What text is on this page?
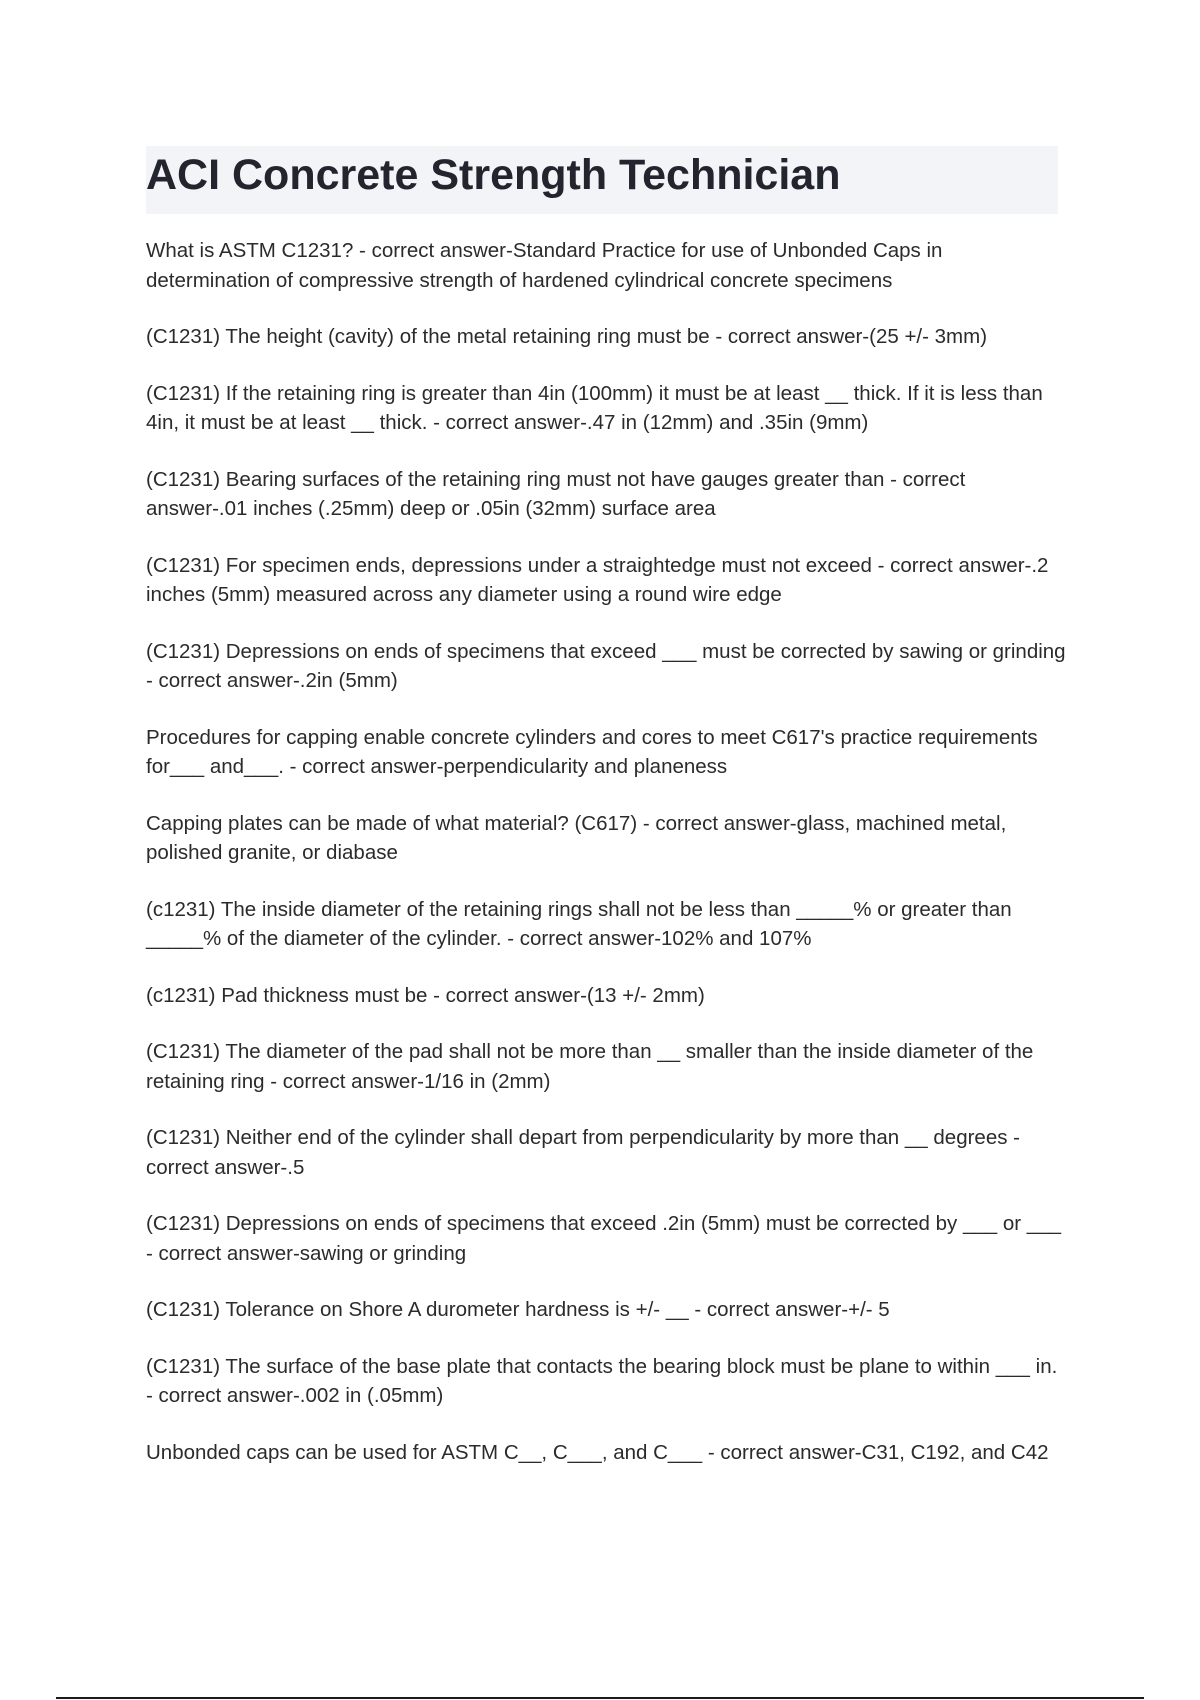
ACI Concrete Strength Technician

What is ASTM C1231? - correct answer-Standard Practice for use of Unbonded Caps in determination of compressive strength of hardened cylindrical concrete specimens

(C1231) The height (cavity) of the metal retaining ring must be - correct answer-(25 +/- 3mm)

(C1231) If the retaining ring is greater than 4in (100mm) it must be at least __ thick. If it is less than 4in, it must be at least __ thick. - correct answer-.47 in (12mm) and .35in (9mm)

(C1231) Bearing surfaces of the retaining ring must not have gauges greater than - correct answer-.01 inches (.25mm) deep or .05in (32mm) surface area

(C1231) For specimen ends, depressions under a straightedge must not exceed - correct answer-.2 inches (5mm) measured across any diameter using a round wire edge

(C1231) Depressions on ends of specimens that exceed ___ must be corrected by sawing or grinding - correct answer-.2in (5mm)

Procedures for capping enable concrete cylinders and cores to meet C617's practice requirements for___ and___. - correct answer-perpendicularity and planeness

Capping plates can be made of what material? (C617) - correct answer-glass, machined metal, polished granite, or diabase

(c1231) The inside diameter of the retaining rings shall not be less than _____% or greater than _____% of the diameter of the cylinder. - correct answer-102% and 107%

(c1231) Pad thickness must be - correct answer-(13 +/- 2mm)

(C1231) The diameter of the pad shall not be more than __ smaller than the inside diameter of the retaining ring - correct answer-1/16 in (2mm)

(C1231) Neither end of the cylinder shall depart from perpendicularity by more than __ degrees - correct answer-.5

(C1231) Depressions on ends of specimens that exceed .2in (5mm) must be corrected by ___ or ___ - correct answer-sawing or grinding

(C1231) Tolerance on Shore A durometer hardness is +/- __ - correct answer-+/- 5

(C1231) The surface of the base plate that contacts the bearing block must be plane to within ___ in. - correct answer-.002 in (.05mm)

Unbonded caps can be used for ASTM C__, C___, and C___ - correct answer-C31, C192, and C42
